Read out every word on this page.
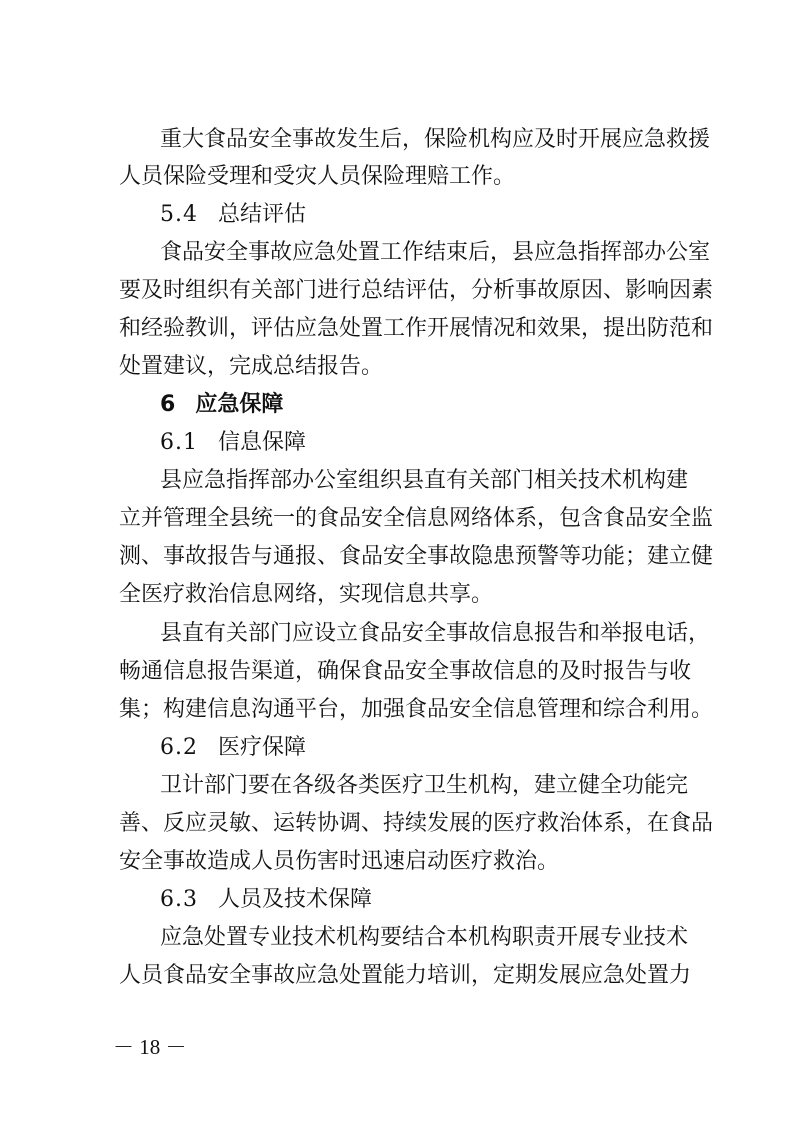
重大食品安全事故发生后，保险机构应及时开展应急救援
人员保险受理和受灾人员保险理赔工作。
5.4 总结评估
食品安全事故应急处置工作结束后，县应急指挥部办公室
要及时组织有关部门进行总结评估，分析事故原因、影响因素
和经验教训，评估应急处置工作开展情况和效果，提出防范和
处置建议，完成总结报告。
6 应急保障
6.1 信息保障
县应急指挥部办公室组织县直有关部门相关技术机构建
立并管理全县统一的食品安全信息网络体系，包含食品安全监
测、事故报告与通报、食品安全事故隐患预警等功能；建立健
全医疗救治信息网络，实现信息共享。
县直有关部门应设立食品安全事故信息报告和举报电话，
畅通信息报告渠道，确保食品安全事故信息的及时报告与收
集；构建信息沟通平台，加强食品安全信息管理和综合利用。
6.2 医疗保障
卫计部门要在各级各类医疗卫生机构，建立健全功能完
善、反应灵敏、运转协调、持续发展的医疗救治体系，在食品
安全事故造成人员伤害时迅速启动医疗救治。
6.3 人员及技术保障
应急处置专业技术机构要结合本机构职责开展专业技术
人员食品安全事故应急处置能力培训，定期发展应急处置力
－ 18 －
